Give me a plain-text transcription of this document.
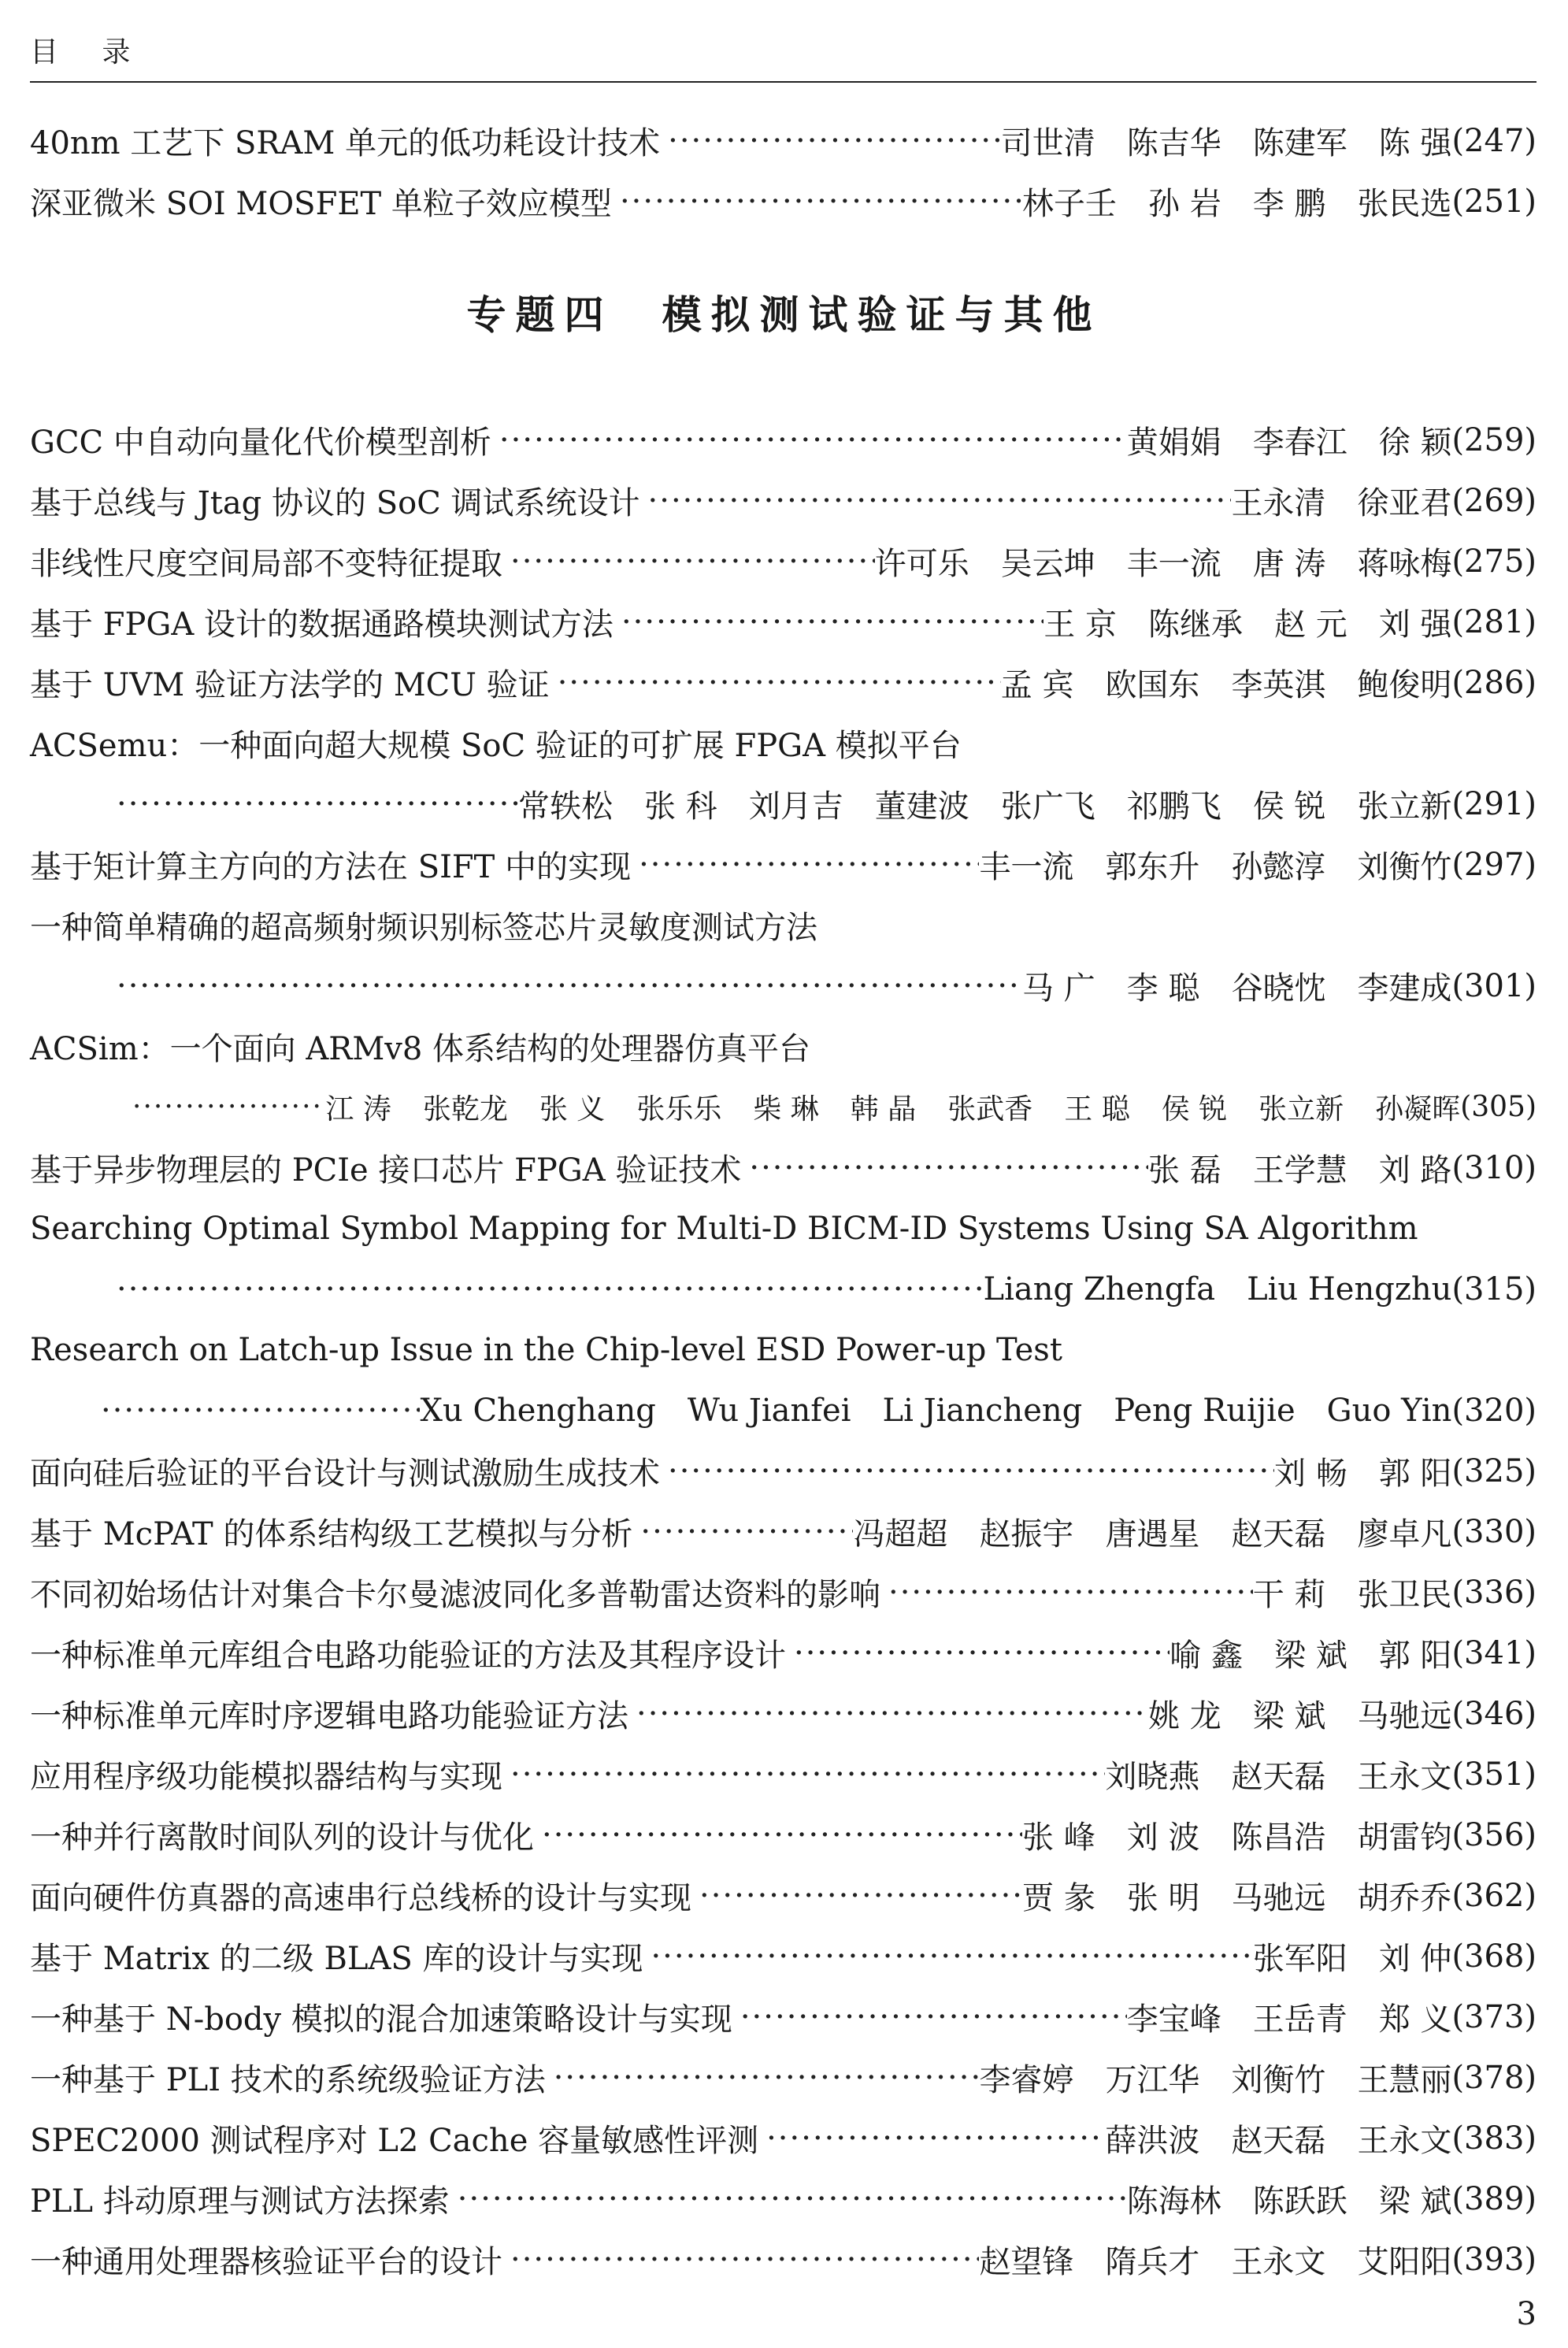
目 录
40nm 工艺下 SRAM 单元的低功耗设计技术 ·····	司世清 陈吉华 陈建军 陈 强 (247)
深亚微米 SOI MOSFET 单粒子效应模型 ·····	林子壬 孙 岩 李 鹏 张民选 (251)
专题四　模拟测试验证与其他
GCC 中自动向量化代价模型剖析 ·····	黄娟娟 李春江 徐 颖 (259)
基于总线与 Jtag 协议的 SoC 调试系统设计 ·····	王永清 徐亚君 (269)
非线性尺度空间局部不变特征提取 ·····	许可乐 吴云坤 丰一流 唐 涛 蒋咏梅 (275)
基于 FPGA 设计的数据通路模块测试方法 ·····	王 京 陈继承 赵 元 刘 强 (281)
基于 UVM 验证方法学的 MCU 验证 ·····	孟 宾 欧国东 李英淇 鲍俊明 (286)
ACSemu：一种面向超大规模 SoC 验证的可扩展 FPGA 模拟平台
·····
常轶松 张 科 刘月吉 董建波 张广飞 祁鹏飞 侯 锐 张立新 (291)
基于矩计算主方向的方法在 SIFT 中的实现 ·····	丰一流 郭东升 孙懿淳 刘衡竹 (297)
一种简单精确的超高频射频识别标签芯片灵敏度测试方法
·····
马 广 李 聪 谷晓忱 李建成 (301)
ACSim：一个面向 ARMv8 体系结构的处理器仿真平台
·····
江 涛 张乾龙 张 义 张乐乐 柴 琳 韩 晶 张武香 王 聪 侯 锐 张立新 孙凝晖 (305)
基于异步物理层的 PCIe 接口芯片 FPGA 验证技术 ·····	张 磊 王学慧 刘 路 (310)
Searching Optimal Symbol Mapping for Multi-D BICM-ID Systems Using SA Algorithm
·····
Liang Zhengfa Liu Hengzhu (315)
Research on Latch-up Issue in the Chip-level ESD Power-up Test
·····
Xu Chenghang Wu Jianfei Li Jiancheng Peng Ruijie Guo Yin (320)
面向硅后验证的平台设计与测试激励生成技术 ·····	刘 畅 郭 阳 (325)
基于 McPAT 的体系结构级工艺模拟与分析 ·····	冯超超 赵振宇 唐遇星 赵天磊 廖卓凡 (330)
不同初始场估计对集合卡尔曼滤波同化多普勒雷达资料的影响 ·····	干 莉 张卫民 (336)
一种标准单元库组合电路功能验证的方法及其程序设计 ·····	喻 鑫 梁 斌 郭 阳 (341)
一种标准单元库时序逻辑电路功能验证方法 ·····	姚 龙 梁 斌 马驰远 (346)
应用程序级功能模拟器结构与实现 ·····	刘晓燕 赵天磊 王永文 (351)
一种并行离散时间队列的设计与优化 ·····	张 峰 刘 波 陈昌浩 胡雷钧 (356)
面向硬件仿真器的高速串行总线桥的设计与实现 ·····	贾 彖 张 明 马驰远 胡乔乔 (362)
基于 Matrix 的二级 BLAS 库的设计与实现 ·····	张军阳 刘 仲 (368)
一种基于 N-body 模拟的混合加速策略设计与实现 ·····	李宝峰 王岳青 郑 义 (373)
一种基于 PLI 技术的系统级验证方法 ·····	李睿婷 万江华 刘衡竹 王慧丽 (378)
SPEC2000 测试程序对 L2 Cache 容量敏感性评测 ·····	薛洪波 赵天磊 王永文 (383)
PLL 抖动原理与测试方法探索 ·····	陈海林 陈跃跃 梁 斌 (389)
一种通用处理器核验证平台的设计 ·····	赵望锋 隋兵才 王永文 艾阳阳 (393)
3
